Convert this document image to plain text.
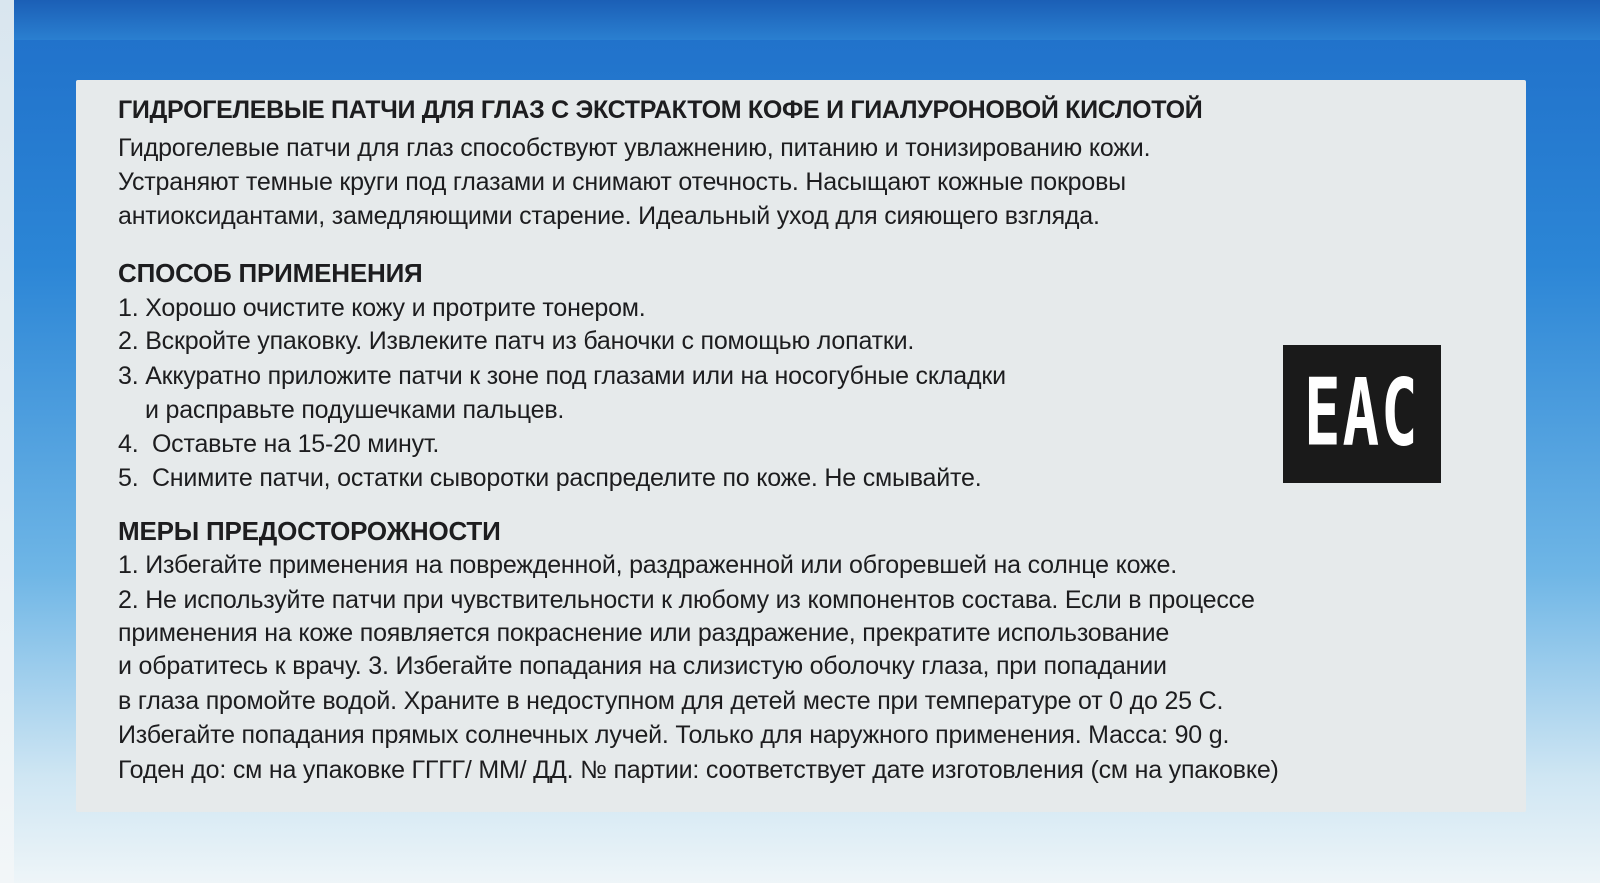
ГИДРОГЕЛЕВЫЕ ПАТЧИ ДЛЯ ГЛАЗ С ЭКСТРАКТОМ КОФЕ И ГИАЛУРОНОВОЙ КИСЛОТОЙ
Гидрогелевые патчи для глаз способствуют увлажнению, питанию и тонизированию кожи.
Устраняют темные круги под глазами и снимают отечность. Насыщают кожные покровы
антиоксидантами, замедляющими старение. Идеальный уход для сияющего взгляда.
СПОСОБ ПРИМЕНЕНИЯ
1. Хорошо очистите кожу и протрите тонером.
2. Вскройте упаковку. Извлеките патч из баночки с помощью лопатки.
3. Аккуратно приложите патчи к зоне под глазами или на носогубные складки
и расправьте подушечками пальцев.
4.  Оставьте на 15-20 минут.
5.  Снимите патчи, остатки сыворотки распределите по коже. Не смывайте.
МЕРЫ ПРЕДОСТОРОЖНОСТИ
1. Избегайте применения на поврежденной, раздраженной или обгоревшей на солнце коже.
2. Не используйте патчи при чувствительности к любому из компонентов состава. Если в процессе
применения на коже появляется покраснение или раздражение, прекратите использование
и обратитесь к врачу. 3. Избегайте попадания на слизистую оболочку глаза, при попадании
в глаза промойте водой. Храните в недоступном для детей месте при температуре от 0 до 25 С.
Избегайте попадания прямых солнечных лучей. Только для наружного применения. Масса: 90 g.
Годен до: см на упаковке ГГГГ/ ММ/ ДД. № партии: соответствует дате изготовления (см на упаковке)
EAC
